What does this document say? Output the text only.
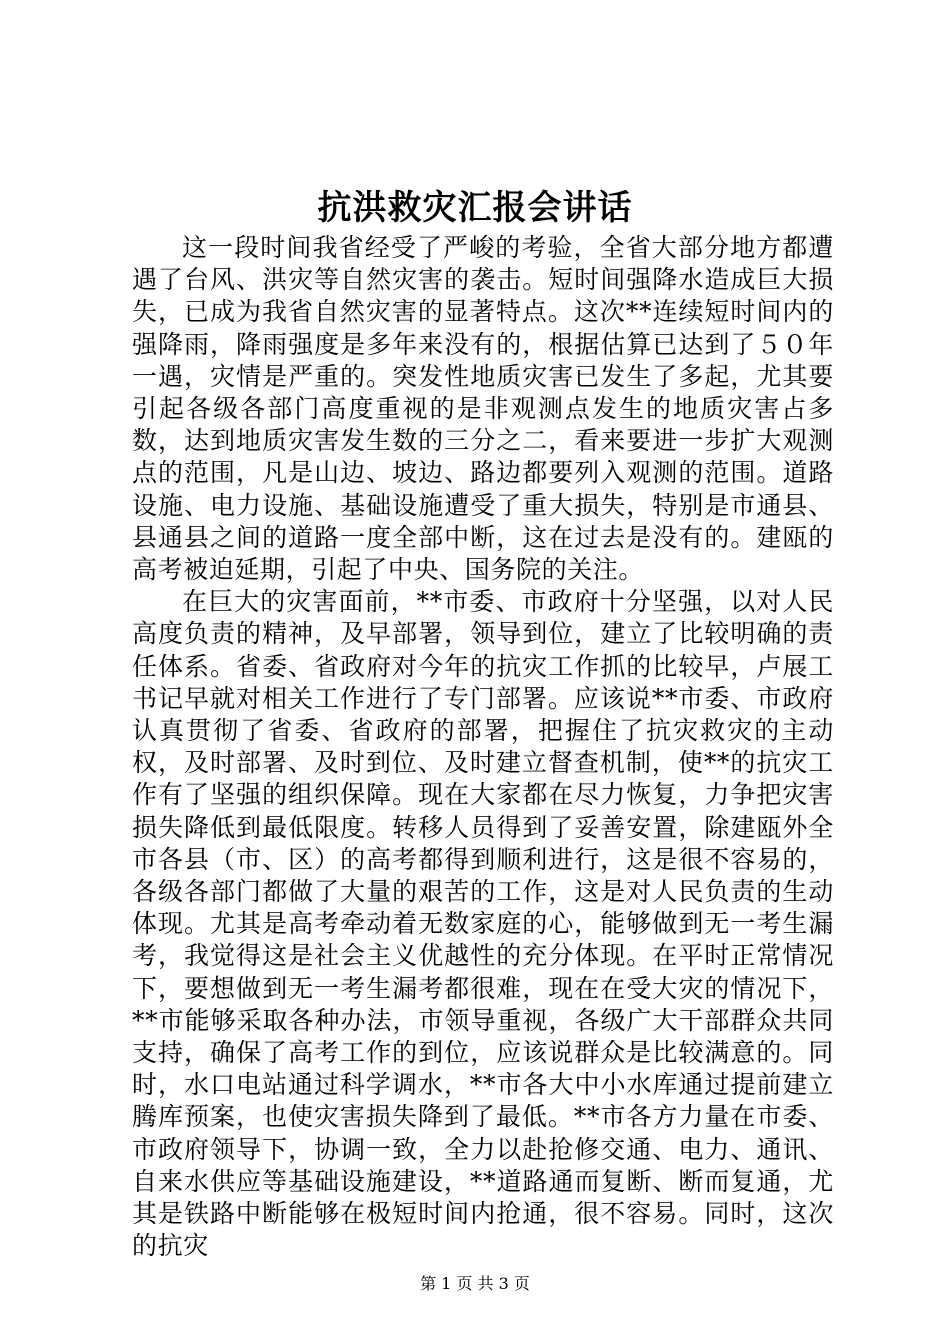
抗洪救灾汇报会讲话

这一段时间我省经受了严峻的考验，全省大部分地方都遭遇了台风、洪灾等自然灾害的袭击。短时间强降水造成巨大损失，已成为我省自然灾害的显著特点。这次**连续短时间内的强降雨，降雨强度是多年来没有的，根据估算已达到了５０年一遇，灾情是严重的。突发性地质灾害已发生了多起，尤其要引起各级各部门高度重视的是非观测点发生的地质灾害占多数，达到地质灾害发生数的三分之二，看来要进一步扩大观测点的范围，凡是山边、坡边、路边都要列入观测的范围。道路设施、电力设施、基础设施遭受了重大损失，特别是市通县、县通县之间的道路一度全部中断，这在过去是没有的。建瓯的高考被迫延期，引起了中央、国务院的关注。

在巨大的灾害面前，**市委、市政府十分坚强，以对人民高度负责的精神，及早部署，领导到位，建立了比较明确的责任体系。省委、省政府对今年的抗灾工作抓的比较早，卢展工书记早就对相关工作进行了专门部署。应该说**市委、市政府认真贯彻了省委、省政府的部署，把握住了抗灾救灾的主动权，及时部署、及时到位、及时建立督查机制，使**的抗灾工作有了坚强的组织保障。现在大家都在尽力恢复，力争把灾害损失降低到最低限度。转移人员得到了妥善安置，除建瓯外全市各县（市、区）的高考都得到顺利进行，这是很不容易的，各级各部门都做了大量的艰苦的工作，这是对人民负责的生动体现。尤其是高考牵动着无数家庭的心，能够做到无一考生漏考，我觉得这是社会主义优越性的充分体现。在平时正常情况下，要想做到无一考生漏考都很难，现在在受大灾的情况下，**市能够采取各种办法，市领导重视，各级广大干部群众共同支持，确保了高考工作的到位，应该说群众是比较满意的。同时，水口电站通过科学调水，**市各大中小水库通过提前建立腾库预案，也使灾害损失降到了最低。**市各方力量在市委、市政府领导下，协调一致，全力以赴抢修交通、电力、通讯、自来水供应等基础设施建设，**道路通而复断、断而复通，尤其是铁路中断能够在极短时间内抢通，很不容易。同时，这次的抗灾

第 1 页 共 3 页
